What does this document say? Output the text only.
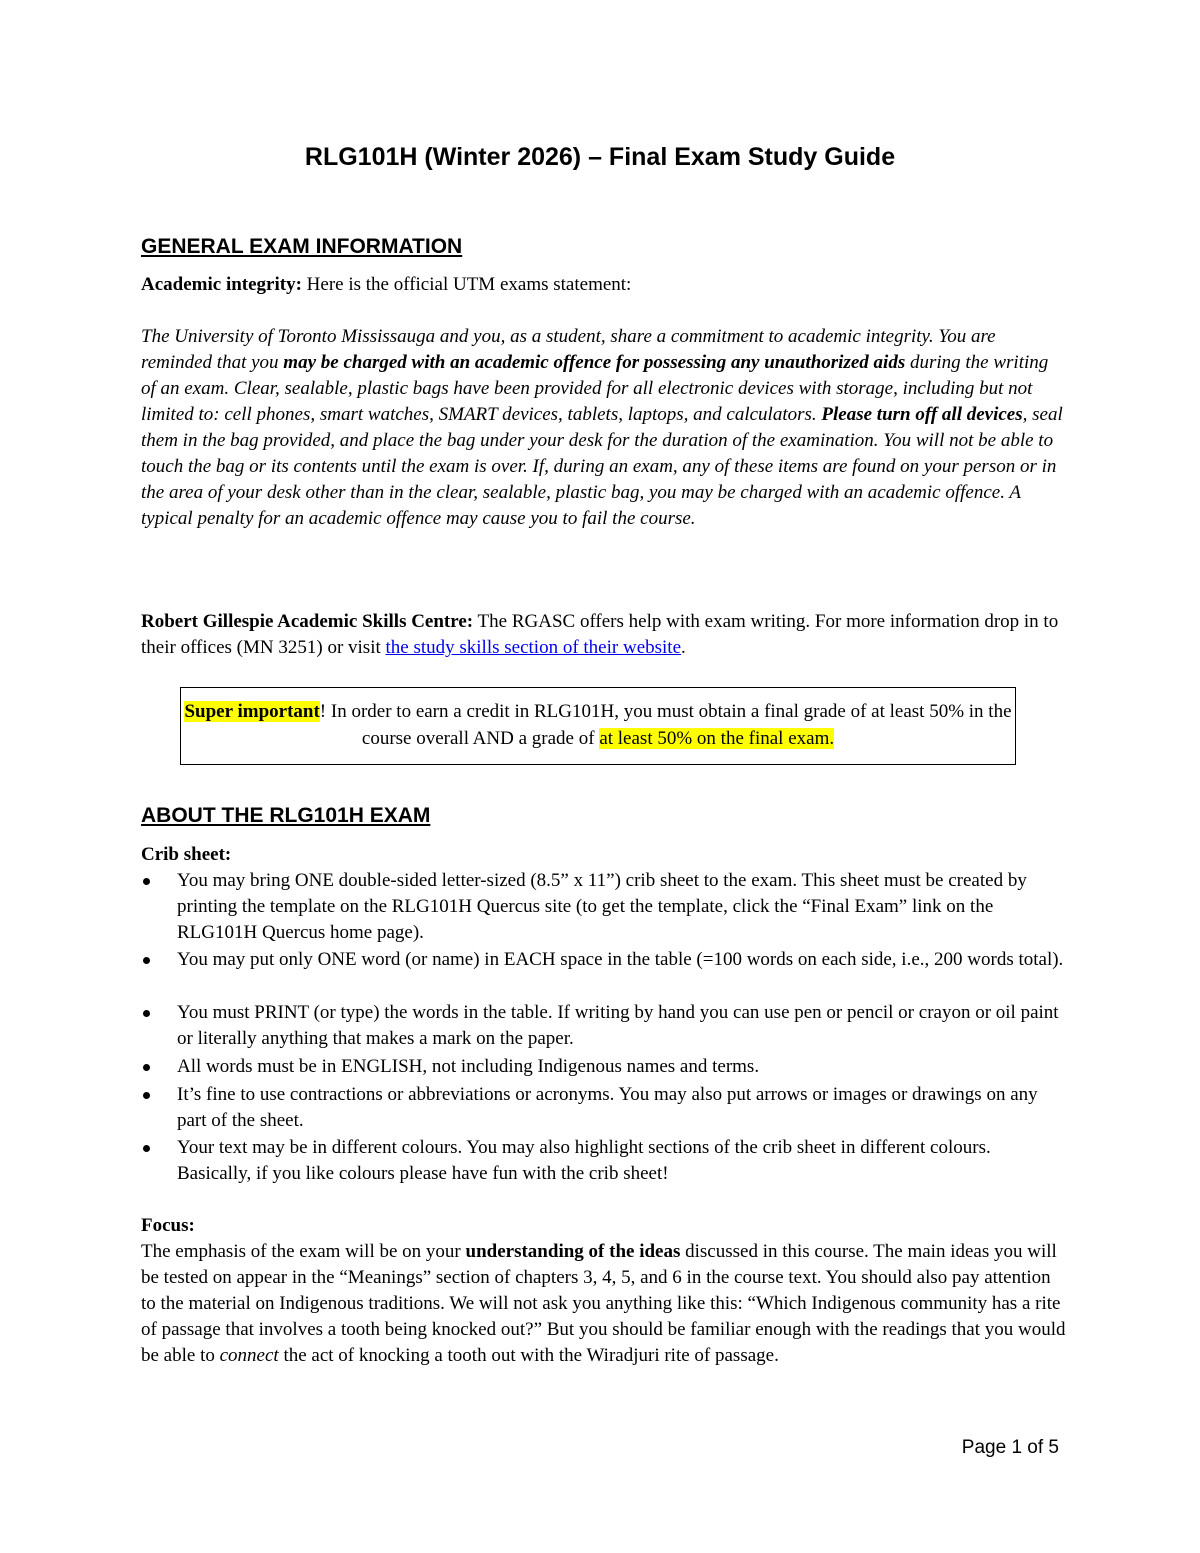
RLG101H (Winter 2026) – Final Exam Study Guide
GENERAL EXAM INFORMATION
Academic integrity: Here is the official UTM exams statement:
The University of Toronto Mississauga and you, as a student, share a commitment to academic integrity. You are reminded that you may be charged with an academic offence for possessing any unauthorized aids during the writing of an exam. Clear, sealable, plastic bags have been provided for all electronic devices with storage, including but not limited to: cell phones, smart watches, SMART devices, tablets, laptops, and calculators. Please turn off all devices, seal them in the bag provided, and place the bag under your desk for the duration of the examination. You will not be able to touch the bag or its contents until the exam is over. If, during an exam, any of these items are found on your person or in the area of your desk other than in the clear, sealable, plastic bag, you may be charged with an academic offence. A typical penalty for an academic offence may cause you to fail the course.
Robert Gillespie Academic Skills Centre: The RGASC offers help with exam writing. For more information drop in to their offices (MN 3251) or visit the study skills section of their website.
Super important! In order to earn a credit in RLG101H, you must obtain a final grade of at least 50% in the course overall AND a grade of at least 50% on the final exam.
ABOUT THE RLG101H EXAM
Crib sheet:
You may bring ONE double-sided letter-sized (8.5” x 11”) crib sheet to the exam. This sheet must be created by printing the template on the RLG101H Quercus site (to get the template, click the “Final Exam” link on the RLG101H Quercus home page).
You may put only ONE word (or name) in EACH space in the table (=100 words on each side, i.e., 200 words total).
You must PRINT (or type) the words in the table. If writing by hand you can use pen or pencil or crayon or oil paint or literally anything that makes a mark on the paper.
All words must be in ENGLISH, not including Indigenous names and terms.
It’s fine to use contractions or abbreviations or acronyms. You may also put arrows or images or drawings on any part of the sheet.
Your text may be in different colours. You may also highlight sections of the crib sheet in different colours. Basically, if you like colours please have fun with the crib sheet!
Focus:
The emphasis of the exam will be on your understanding of the ideas discussed in this course. The main ideas you will be tested on appear in the “Meanings” section of chapters 3, 4, 5, and 6 in the course text. You should also pay attention to the material on Indigenous traditions. We will not ask you anything like this: “Which Indigenous community has a rite of passage that involves a tooth being knocked out?” But you should be familiar enough with the readings that you would be able to connect the act of knocking a tooth out with the Wiradjuri rite of passage.
Page 1 of 5
